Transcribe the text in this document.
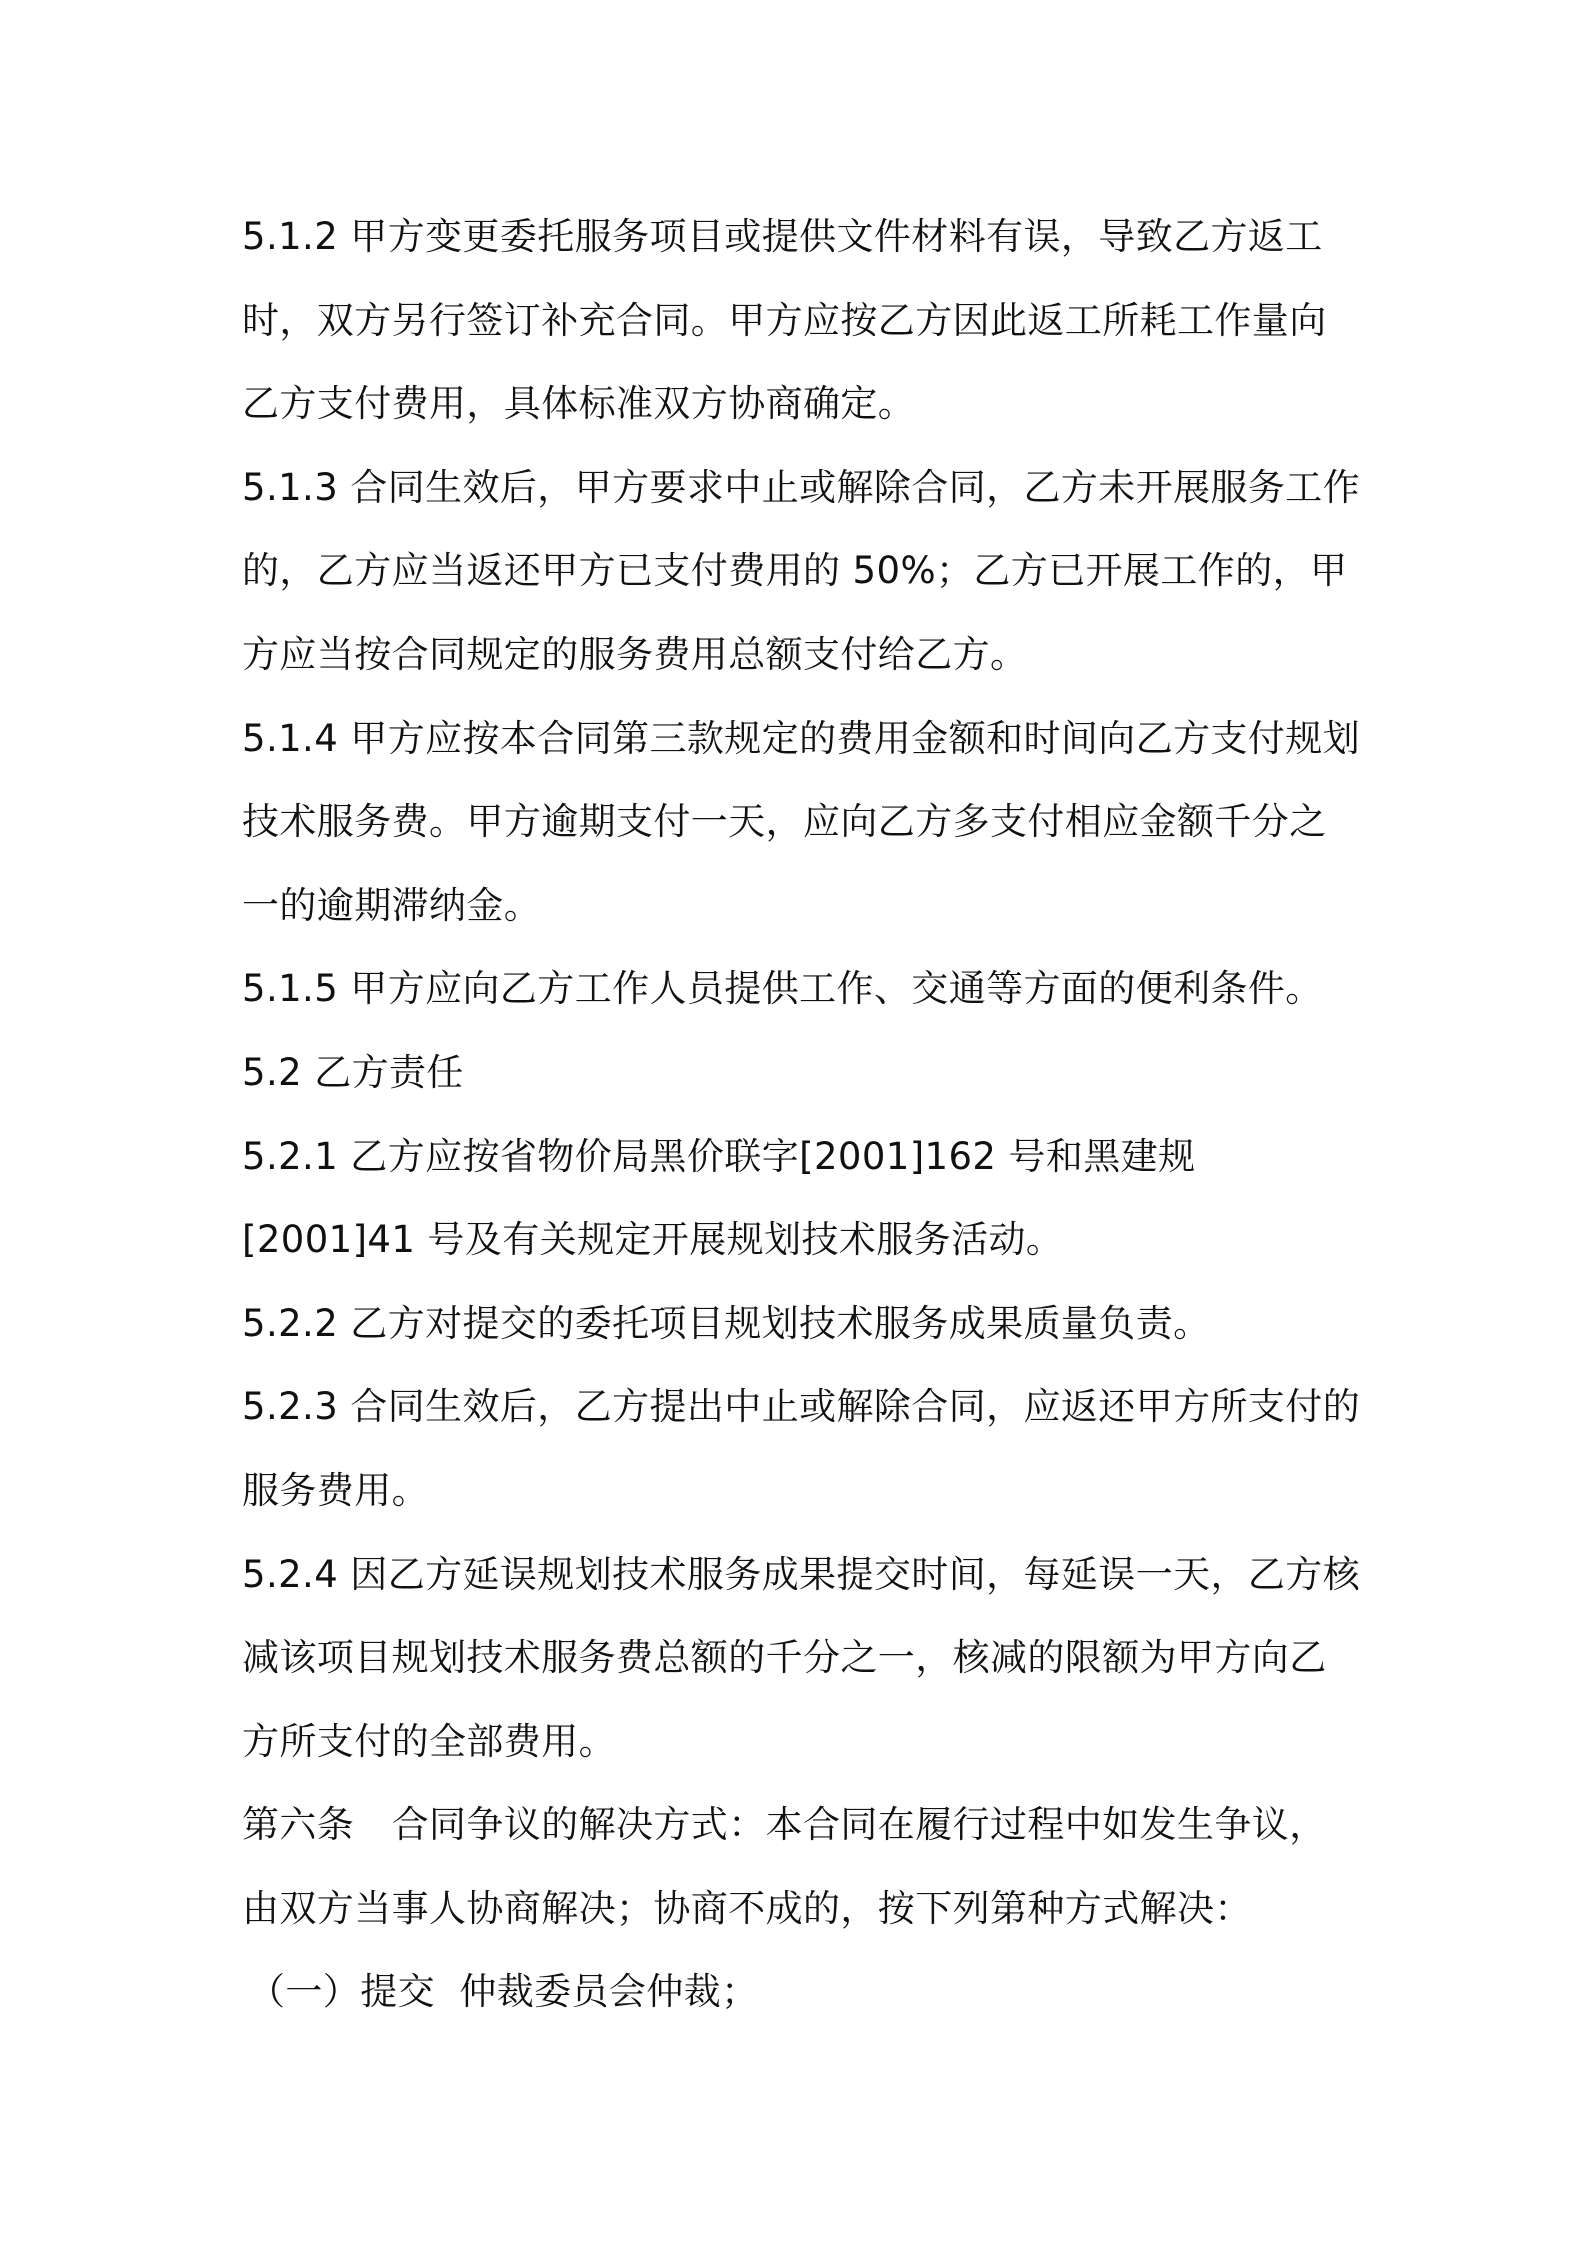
5.1.2 甲方变更委托服务项目或提供文件材料有误，导致乙方返工时，双方另行签订补充合同。甲方应按乙方因此返工所耗工作量向乙方支付费用，具体标准双方协商确定。

5.1.3 合同生效后，甲方要求中止或解除合同，乙方未开展服务工作的，乙方应当返还甲方已支付费用的 50%；乙方已开展工作的，甲方应当按合同规定的服务费用总额支付给乙方。

5.1.4 甲方应按本合同第三款规定的费用金额和时间向乙方支付规划技术服务费。甲方逾期支付一天，应向乙方多支付相应金额千分之一的逾期滞纳金。

5.1.5 甲方应向乙方工作人员提供工作、交通等方面的便利条件。

5.2 乙方责任

5.2.1 乙方应按省物价局黑价联字[2001]162 号和黑建规[2001]41 号及有关规定开展规划技术服务活动。

5.2.2 乙方对提交的委托项目规划技术服务成果质量负责。

5.2.3 合同生效后，乙方提出中止或解除合同，应返还甲方所支付的服务费用。

5.2.4 因乙方延误规划技术服务成果提交时间，每延误一天，乙方核减该项目规划技术服务费总额的千分之一，核减的限额为甲方向乙方所支付的全部费用。

第六条　合同争议的解决方式：本合同在履行过程中如发生争议，由双方当事人协商解决；协商不成的，按下列第种方式解决：

（一）提交  仲裁委员会仲裁；
